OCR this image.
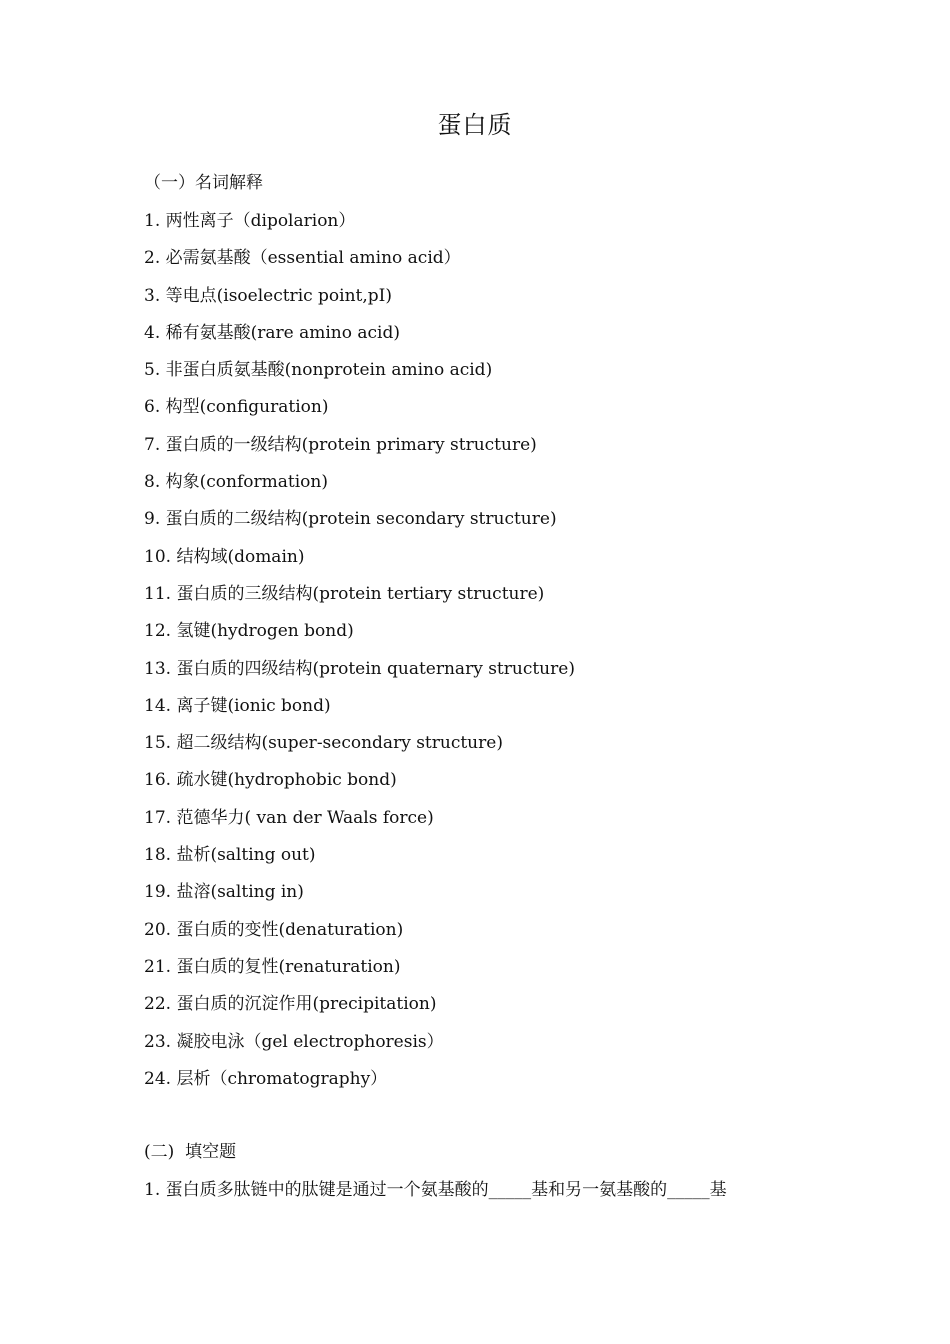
蛋白质
（一）名词解释
1. 两性离子（dipolarion）
2. 必需氨基酸（essential amino acid）
3. 等电点(isoelectric point,pI)
4. 稀有氨基酸(rare amino acid)
5. 非蛋白质氨基酸(nonprotein amino acid)
6. 构型(configuration)
7. 蛋白质的一级结构(protein primary structure)
8. 构象(conformation)
9. 蛋白质的二级结构(protein secondary structure)
10. 结构域(domain)
11. 蛋白质的三级结构(protein tertiary structure)
12. 氢键(hydrogen bond)
13. 蛋白质的四级结构(protein quaternary structure)
14. 离子键(ionic bond)
15. 超二级结构(super-secondary structure)
16. 疏水键(hydrophobic bond)
17. 范德华力( van der Waals force)
18. 盐析(salting out)
19. 盐溶(salting in)
20. 蛋白质的变性(denaturation)
21. 蛋白质的复性(renaturation)
22. 蛋白质的沉淀作用(precipitation)
23. 凝胶电泳（gel electrophoresis）
24. 层析（chromatography）
(二)  填空题
1. 蛋白质多肽链中的肽键是通过一个氨基酸的_____基和另一氨基酸的_____基
